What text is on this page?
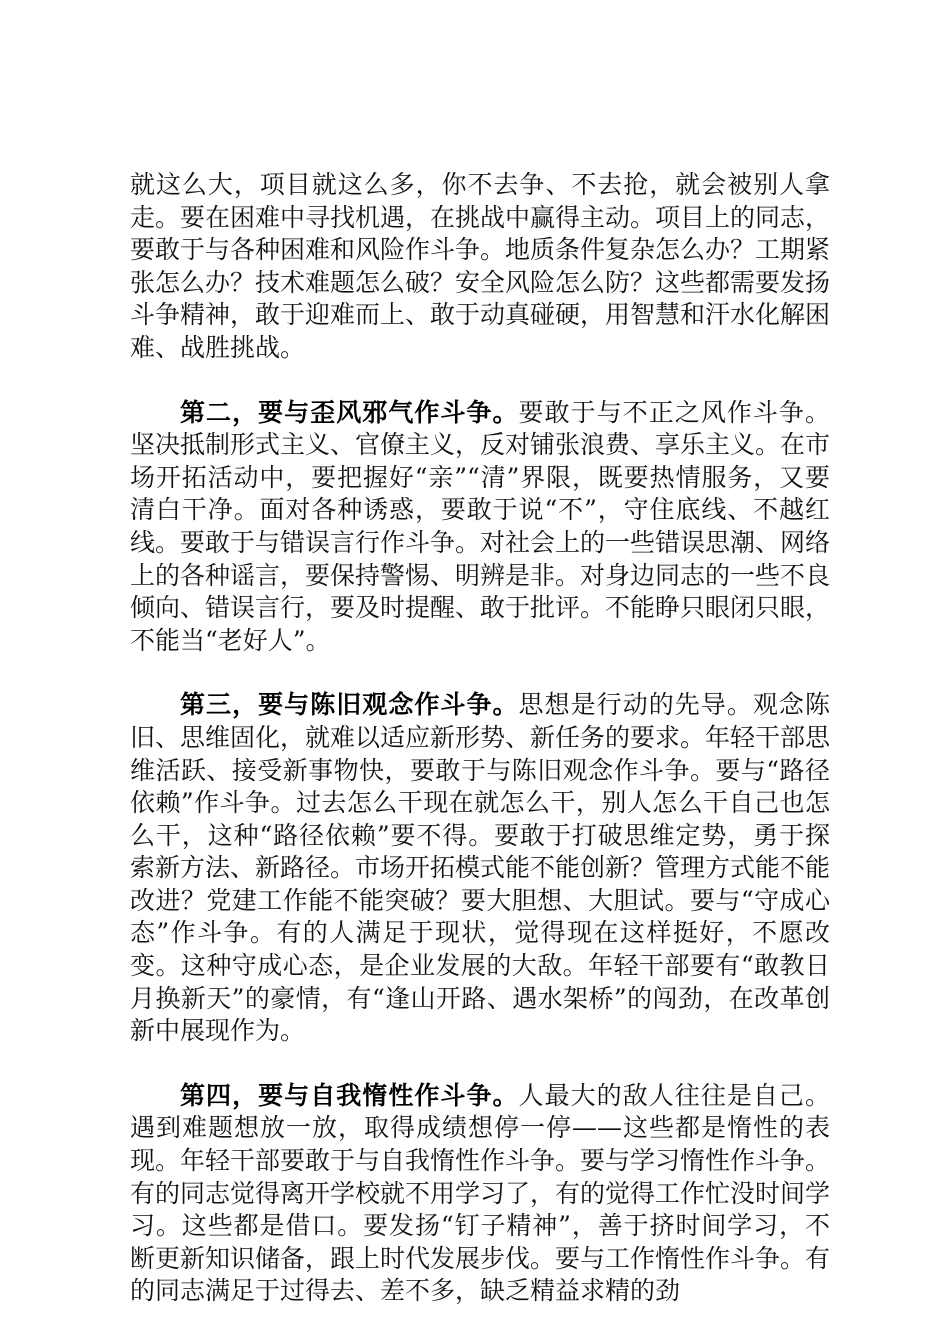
就这么大，项目就这么多，你不去争、不去抢，就会被别人拿走。要在困难中寻找机遇，在挑战中赢得主动。项目上的同志，要敢于与各种困难和风险作斗争。地质条件复杂怎么办？工期紧张怎么办？技术难题怎么破？安全风险怎么防？这些都需要发扬斗争精神，敢于迎难而上、敢于动真碰硬，用智慧和汗水化解困难、战胜挑战。

第二，要与歪风邪气作斗争。要敢于与不正之风作斗争。坚决抵制形式主义、官僚主义，反对铺张浪费、享乐主义。在市场开拓活动中，要把握好“亲”“清”界限，既要热情服务，又要清白干净。面对各种诱惑，要敢于说“不”，守住底线、不越红线。要敢于与错误言行作斗争。对社会上的一些错误思潮、网络上的各种谣言，要保持警惕、明辨是非。对身边同志的一些不良倾向、错误言行，要及时提醒、敢于批评。不能睁只眼闭只眼，不能当“老好人”。

第三，要与陈旧观念作斗争。思想是行动的先导。观念陈旧、思维固化，就难以适应新形势、新任务的要求。年轻干部思维活跃、接受新事物快，要敢于与陈旧观念作斗争。要与“路径依赖”作斗争。过去怎么干现在就怎么干，别人怎么干自己也怎么干，这种“路径依赖”要不得。要敢于打破思维定势，勇于探索新方法、新路径。市场开拓模式能不能创新？管理方式能不能改进？党建工作能不能突破？要大胆想、大胆试。要与“守成心态”作斗争。有的人满足于现状，觉得现在这样挺好，不愿改变。这种守成心态，是企业发展的大敌。年轻干部要有“敢教日月换新天”的豪情，有“逢山开路、遇水架桥”的闯劲，在改革创新中展现作为。

第四，要与自我惰性作斗争。人最大的敌人往往是自己。遇到难题想放一放，取得成绩想停一停——这些都是惰性的表现。年轻干部要敢于与自我惰性作斗争。要与学习惰性作斗争。有的同志觉得离开学校就不用学习了，有的觉得工作忙没时间学习。这些都是借口。要发扬“钉子精神”，善于挤时间学习，不断更新知识储备，跟上时代发展步伐。要与工作惰性作斗争。有的同志满足于过得去、差不多，缺乏精益求精的劲
